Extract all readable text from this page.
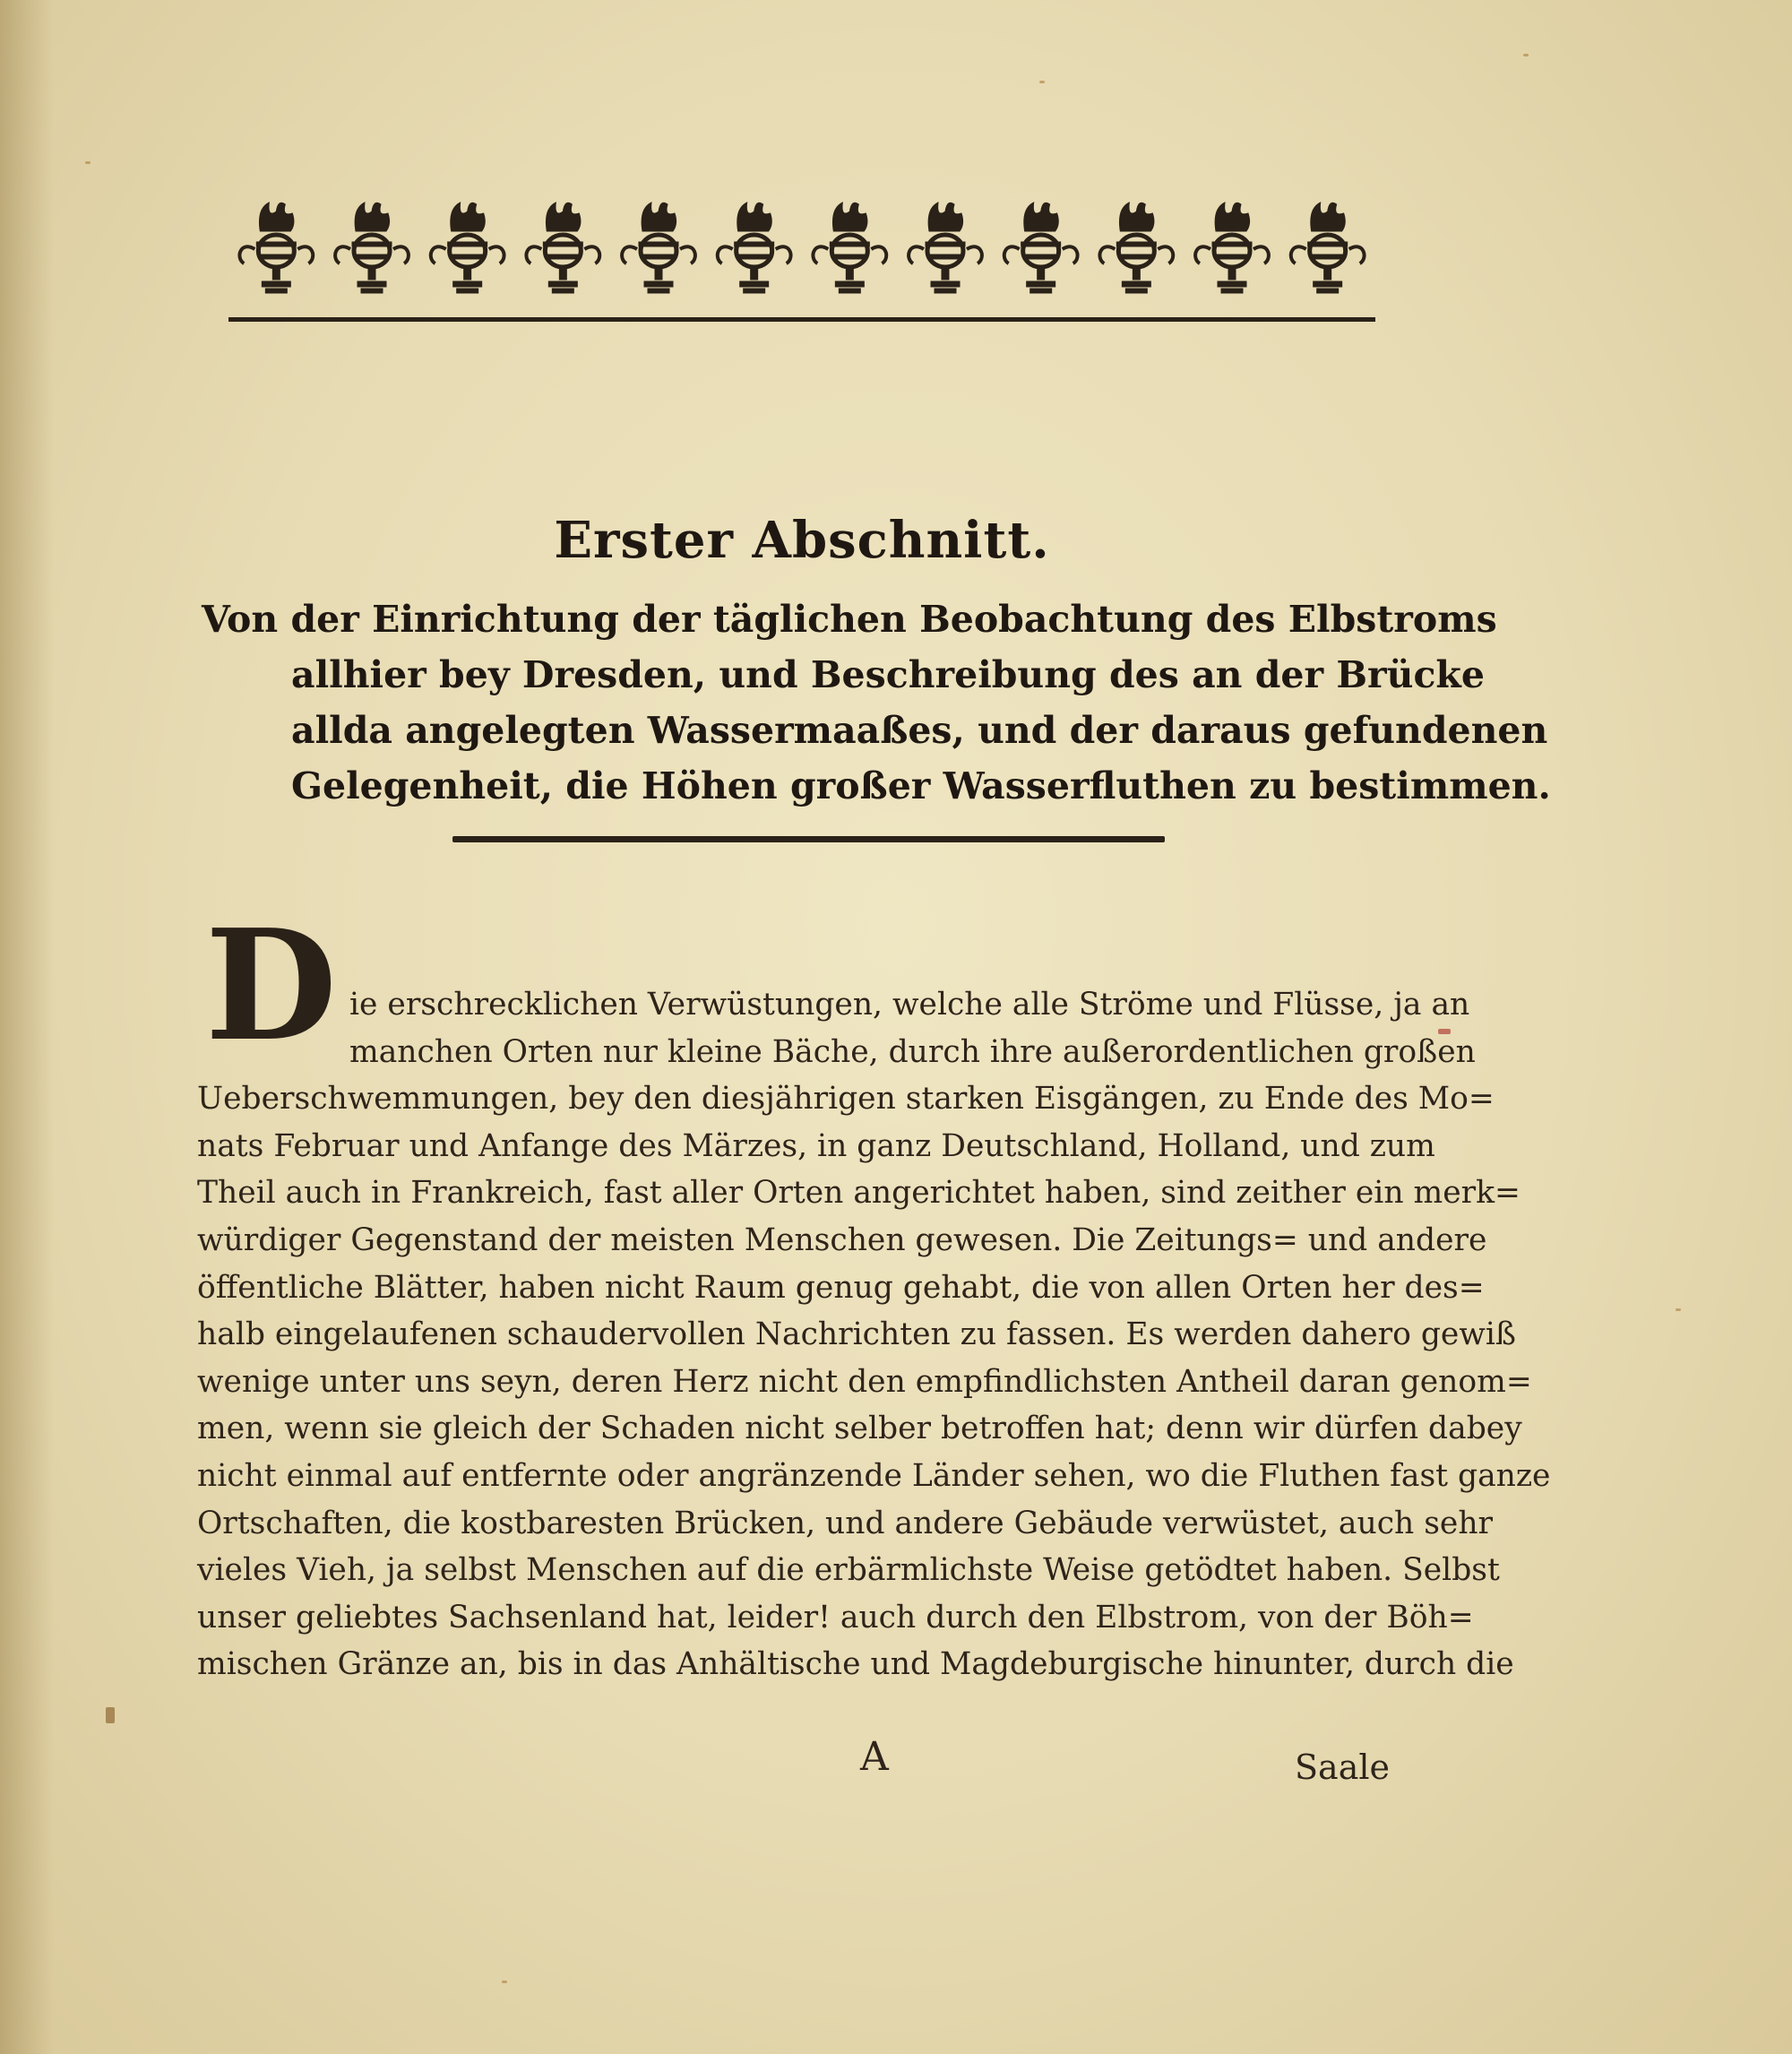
Erster Abschnitt.
Von der Einrichtung der täglichen Beobachtung des Elbstroms
allhier bey Dresden, und Beschreibung des an der Brücke
allda angelegten Wassermaaßes, und der daraus gefundenen
Gelegenheit, die Höhen großer Wasserfluthen zu bestimmen.
D ie erschrecklichen Verwüstungen, welche alle Ströme und Flüsse, ja an
manchen Orten nur kleine Bäche, durch ihre außerordentlichen großen
Ueberschwemmungen, bey den diesjährigen starken Eisgängen, zu Ende des Mo=
nats Februar und Anfange des Märzes, in ganz Deutschland, Holland, und zum
Theil auch in Frankreich, fast aller Orten angerichtet haben, sind zeither ein merk=
würdiger Gegenstand der meisten Menschen gewesen. Die Zeitungs= und andere
öffentliche Blätter, haben nicht Raum genug gehabt, die von allen Orten her des=
halb eingelaufenen schaudervollen Nachrichten zu fassen. Es werden dahero gewiß
wenige unter uns seyn, deren Herz nicht den empfindlichsten Antheil daran genom=
men, wenn sie gleich der Schaden nicht selber betroffen hat; denn wir dürfen dabey
nicht einmal auf entfernte oder angränzende Länder sehen, wo die Fluthen fast ganze
Ortschaften, die kostbaresten Brücken, und andere Gebäude verwüstet, auch sehr
vieles Vieh, ja selbst Menschen auf die erbärmlichste Weise getödtet haben. Selbst
unser geliebtes Sachsenland hat, leider! auch durch den Elbstrom, von der Böh=
mischen Gränze an, bis in das Anhältische und Magdeburgische hinunter, durch die
A	Saale
